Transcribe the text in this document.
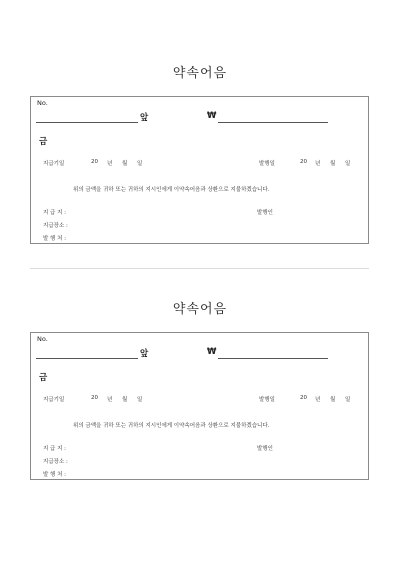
약속어음
No.
앞	₩
금
지급기일	20 년 월 일	발행일	20 년 월 일
위의 금액을 귀하 또는 귀하의 지시인에게 이약속어음과 상환으로 지불하겠습니다.
지 급 지 :	발행인
지급장소 :
발 행 처 :
약속어음
No.
앞	₩
금
지급기일	20 년 월 일	발행일	20 년 월 일
위의 금액을 귀하 또는 귀하의 지시인에게 이약속어음과 상환으로 지불하겠습니다.
지 급 지 :	발행인
지급장소 :
발 행 처 :
